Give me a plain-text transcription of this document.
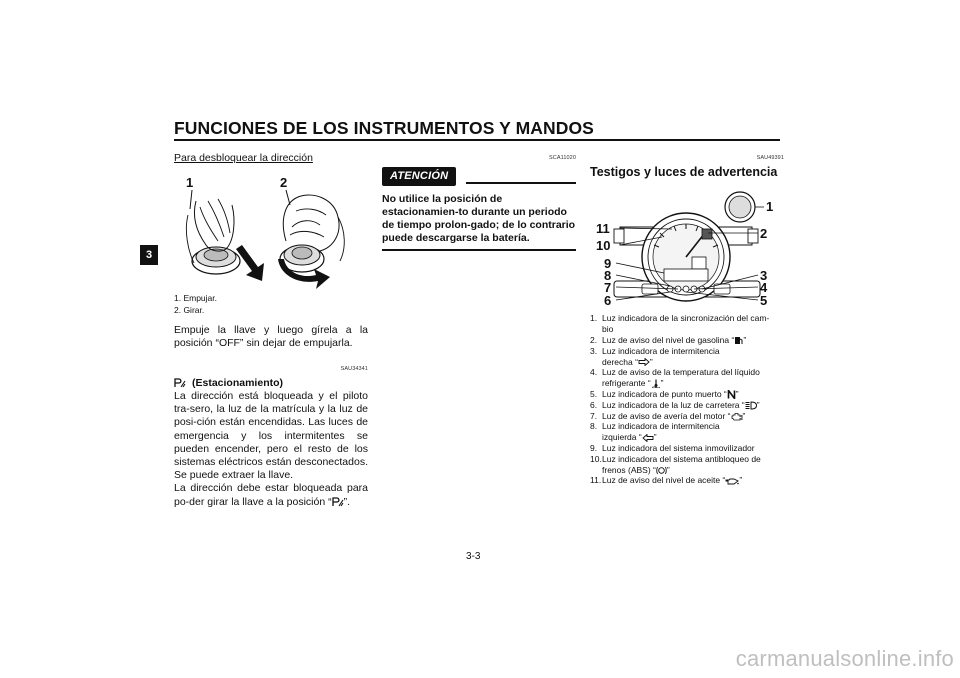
FUNCIONES DE LOS INSTRUMENTOS Y MANDOS
3
Para desbloquear la dirección
1	2

1. Empujar.

2. Girar.

Empuje la llave y luego gírela a la posición “OFF” sin dejar de empujarla.

SAU34341
(Estacionamiento)

La dirección está bloqueada y el piloto tra-sero, la luz de la matrícula y la luz de posi-ción están encendidas. Las luces de emergencia y los intermitentes se pueden encender, pero el resto de los sistemas eléctricos están desconectados. Se puede extraer la llave.

La dirección debe estar bloqueada para po-der girar la llave a la posición “ ”.

SCA11020
ATENCIÓN

No utilice la posición de estacionamien-to durante un periodo de tiempo prolon-gado; de lo contrario puede descargarse la batería.

SAU49391
Testigos y luces de advertencia
1
2
3
4
5
6
7
8
9
10
11
1. Luz indicadora de la sincronización del cam-
bio
2. Luz de aviso del nivel de gasolina “ ”
3. Luz indicadora de intermitencia
derecha “ ”
4. Luz de aviso de la temperatura del líquido
refrigerante “ ”
5. Luz indicadora de punto muerto “ ”
6. Luz indicadora de la luz de carretera “ ”
7. Luz de aviso de avería del motor “ ”
8. Luz indicadora de intermitencia
izquierda “ ”
9. Luz indicadora del sistema inmovilizador
10. Luz indicadora del sistema antibloqueo de
frenos (ABS) “ ”
11. Luz de aviso del nivel de aceite “ ”
3-3
carmanualsonline.info
